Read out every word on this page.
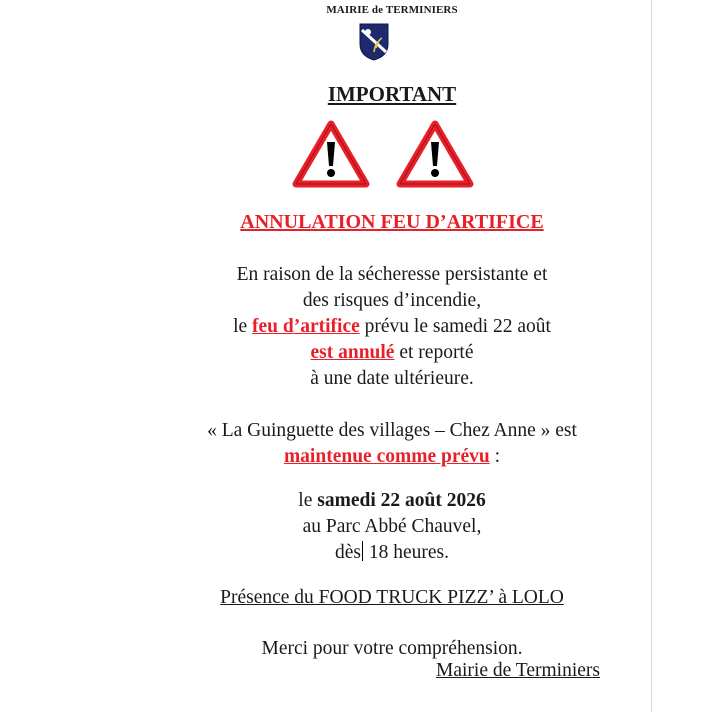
MAIRIE de TERMINIERS
IMPORTANT
ANNULATION FEU D’ARTIFICE
En raison de la sécheresse persistante et
des risques d’incendie,
le feu d’artifice prévu le samedi 22 août
est annulé et reporté
à une date ultérieure.
« La Guinguette des villages – Chez Anne » est
maintenue comme prévu :
le samedi 22 août 2026
au Parc Abbé Chauvel,
dès 18 heures.
Présence du FOOD TRUCK PIZZ’ à LOLO
Merci pour votre compréhension.
Mairie de Terminiers
